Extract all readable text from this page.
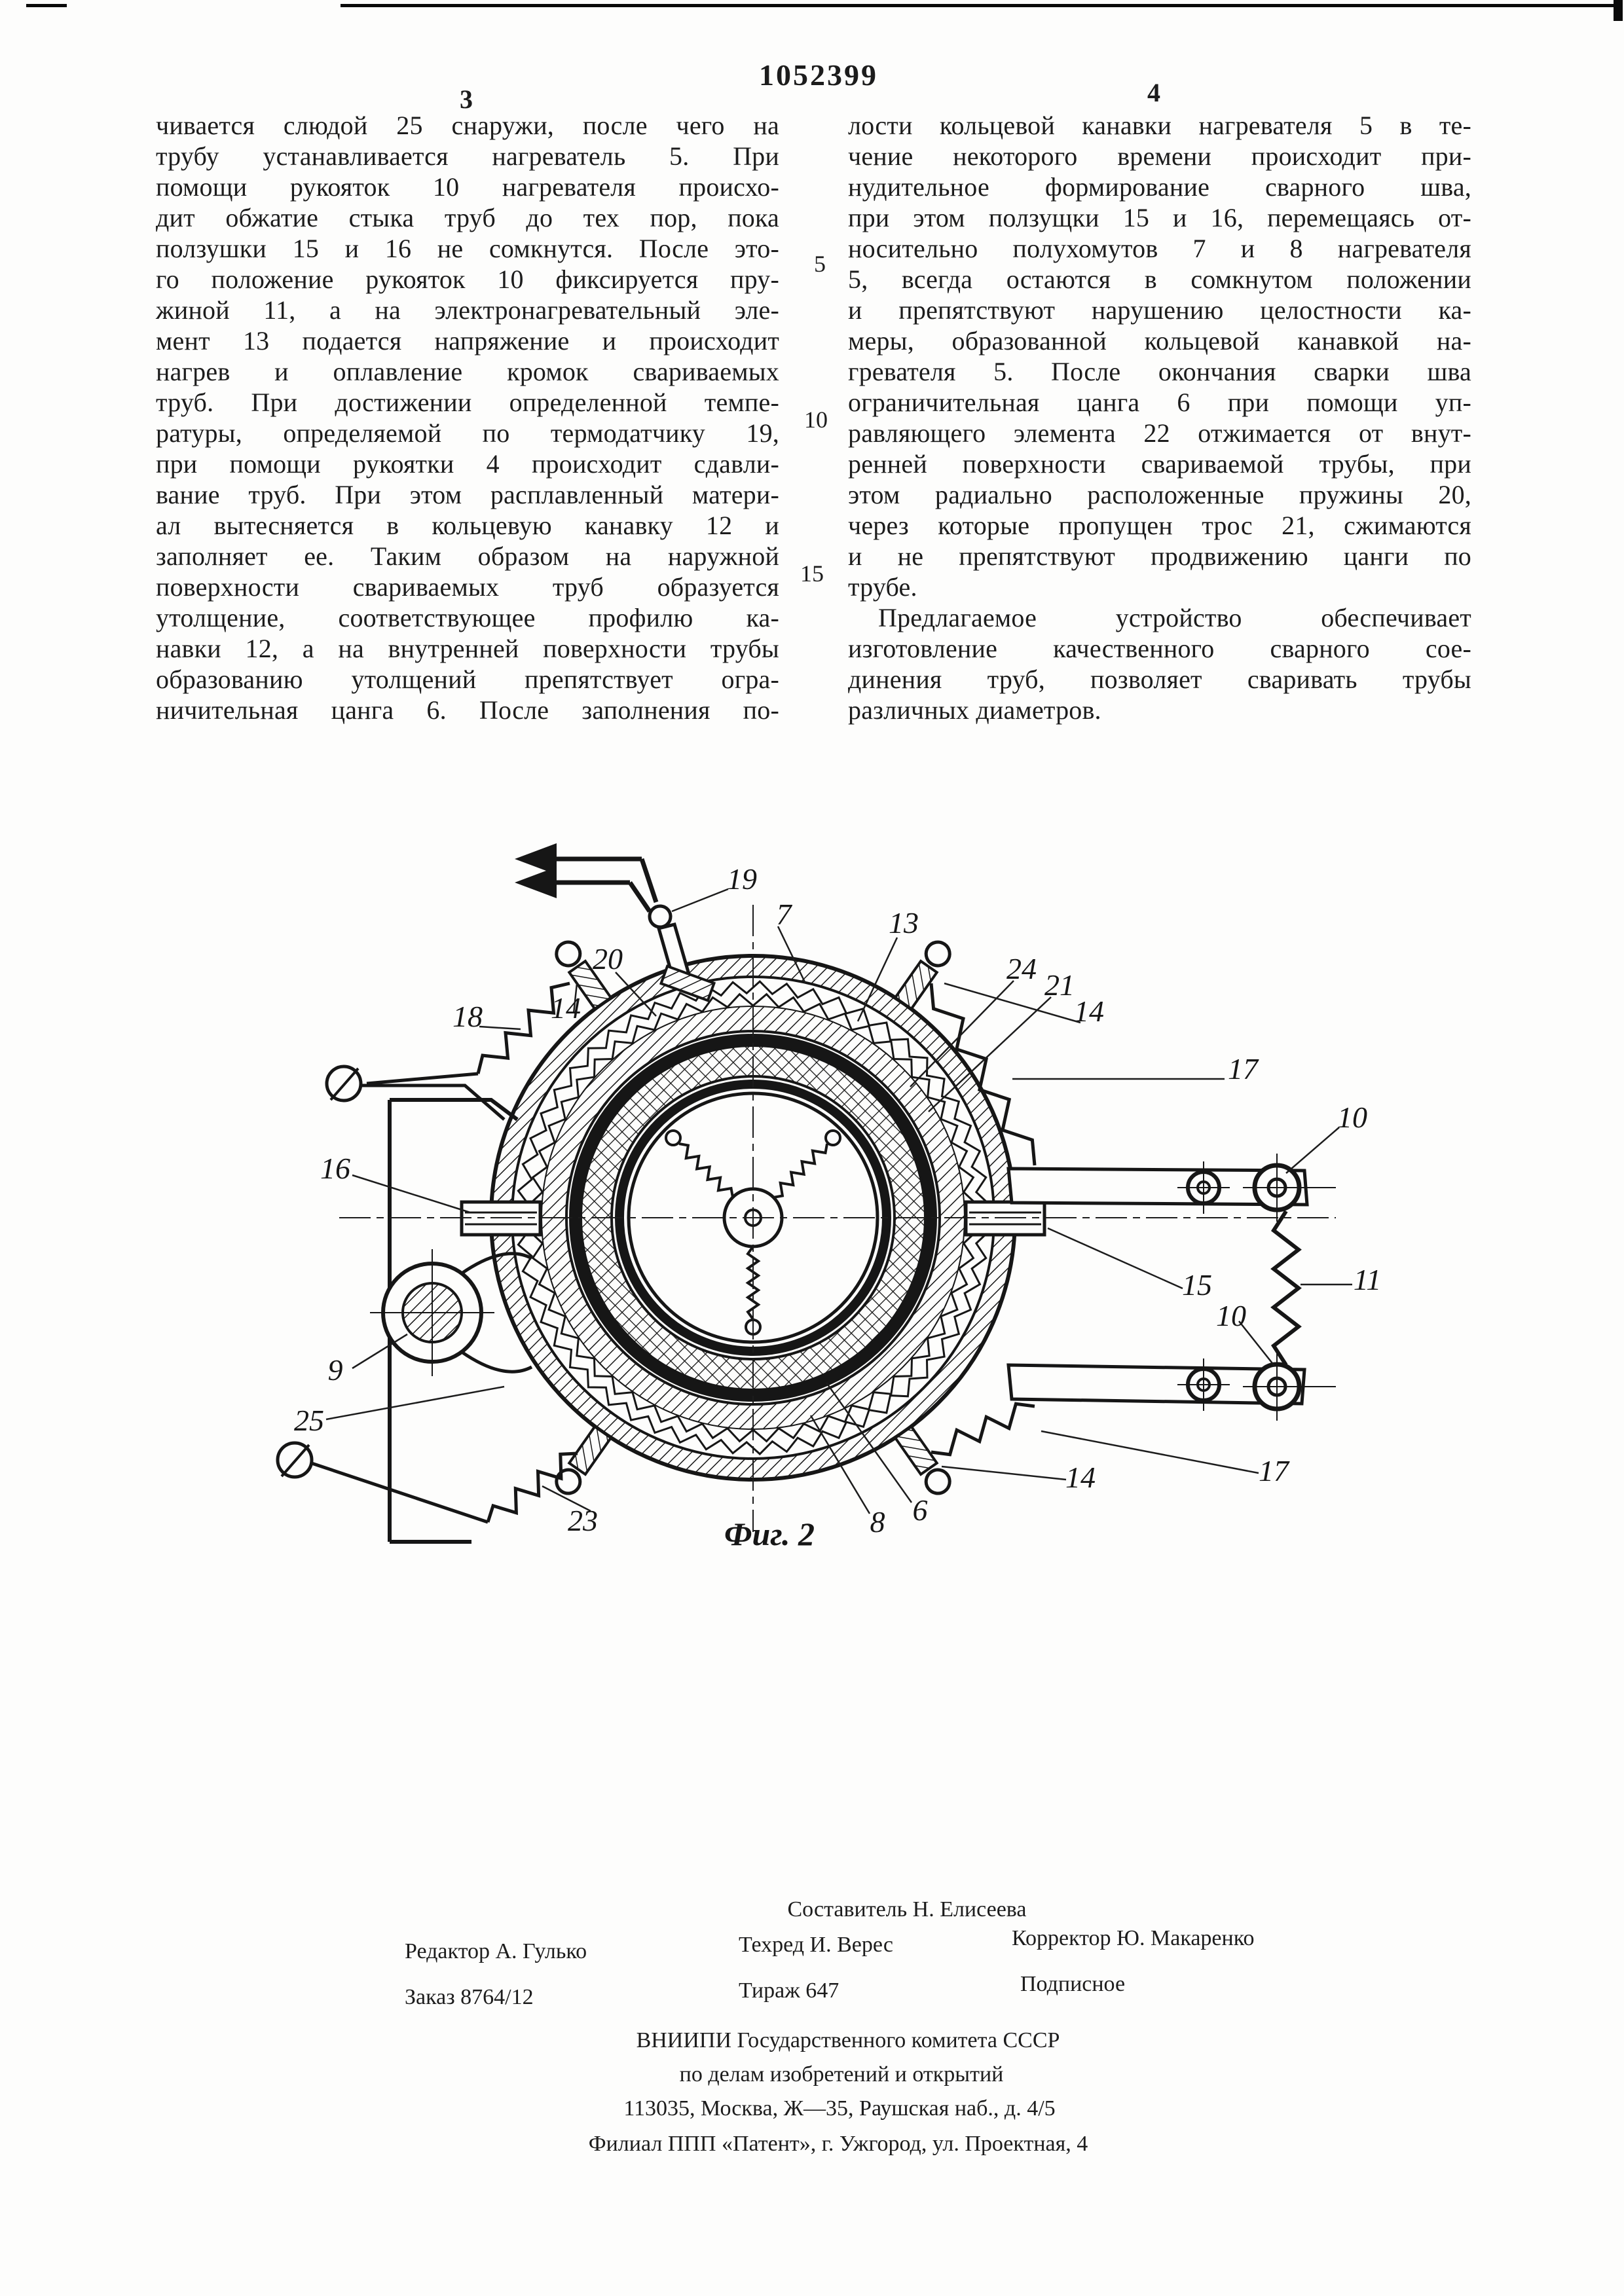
1052399
3	4
чивается слюдой 25 снаружи, после чего на
трубу устанавливается нагреватель 5. При
помощи рукояток 10 нагревателя происхо-
дит обжатие стыка труб до тех пор, пока
ползушки 15 и 16 не сомкнутся. После это-
го положение рукояток 10 фиксируется пру-
жиной 11, а на электронагревательный эле-
мент 13 подается напряжение и происходит
нагрев и оплавление кромок свариваемых
труб. При достижении определенной темпе-
ратуры, определяемой по термодатчику 19,
при помощи рукоятки 4 происходит сдавли-
вание труб. При этом расплавленный матери-
ал вытесняется в кольцевую канавку 12 и
заполняет ее. Таким образом на наружной
поверхности свариваемых труб образуется
утолщение, соответствующее профилю ка-
навки 12, а на внутренней поверхности трубы
образованию утолщений препятствует огра-
ничительная цанга 6. После заполнения по-
лости кольцевой канавки нагревателя 5 в те-
чение некоторого времени происходит при-
нудительное формирование сварного шва,
при этом ползущки 15 и 16, перемещаясь от-
носительно полухомутов 7 и 8 нагревателя
5, всегда остаются в сомкнутом положении
и препятствуют нарушению целостности ка-
меры, образованной кольцевой канавкой на-
гревателя 5. После окончания сварки шва
ограничительная цанга 6 при помощи уп-
равляющего элемента 22 отжимается от внут-
ренней поверхности свариваемой трубы, при
этом радиально расположенные пружины 20,
через которые пропущен трос 21, сжимаются
и не препятствуют продвижению цанги по
трубе.
Предлагаемое устройство обеспечивает
изготовление качественного сварного сое-
динения труб, позволяет сваривать трубы
различных диаметров.
5
10
15
19
7	13
24 21
14
17
10
18 14
20
16
15	11
10
9
25
17
14
23	8 6
Фиг. 2
Составитель Н. Елисеева
Редактор А. Гулько	Техред И. Верес	Корректор Ю. Макаренко
Заказ 8764/12	Тираж 647	Подписное
ВНИИПИ Государственного комитета СССР
по делам изобретений и открытий
113035, Москва, Ж—35, Раушская наб., д. 4/5
Филиал ППП «Патент», г. Ужгород, ул. Проектная, 4
